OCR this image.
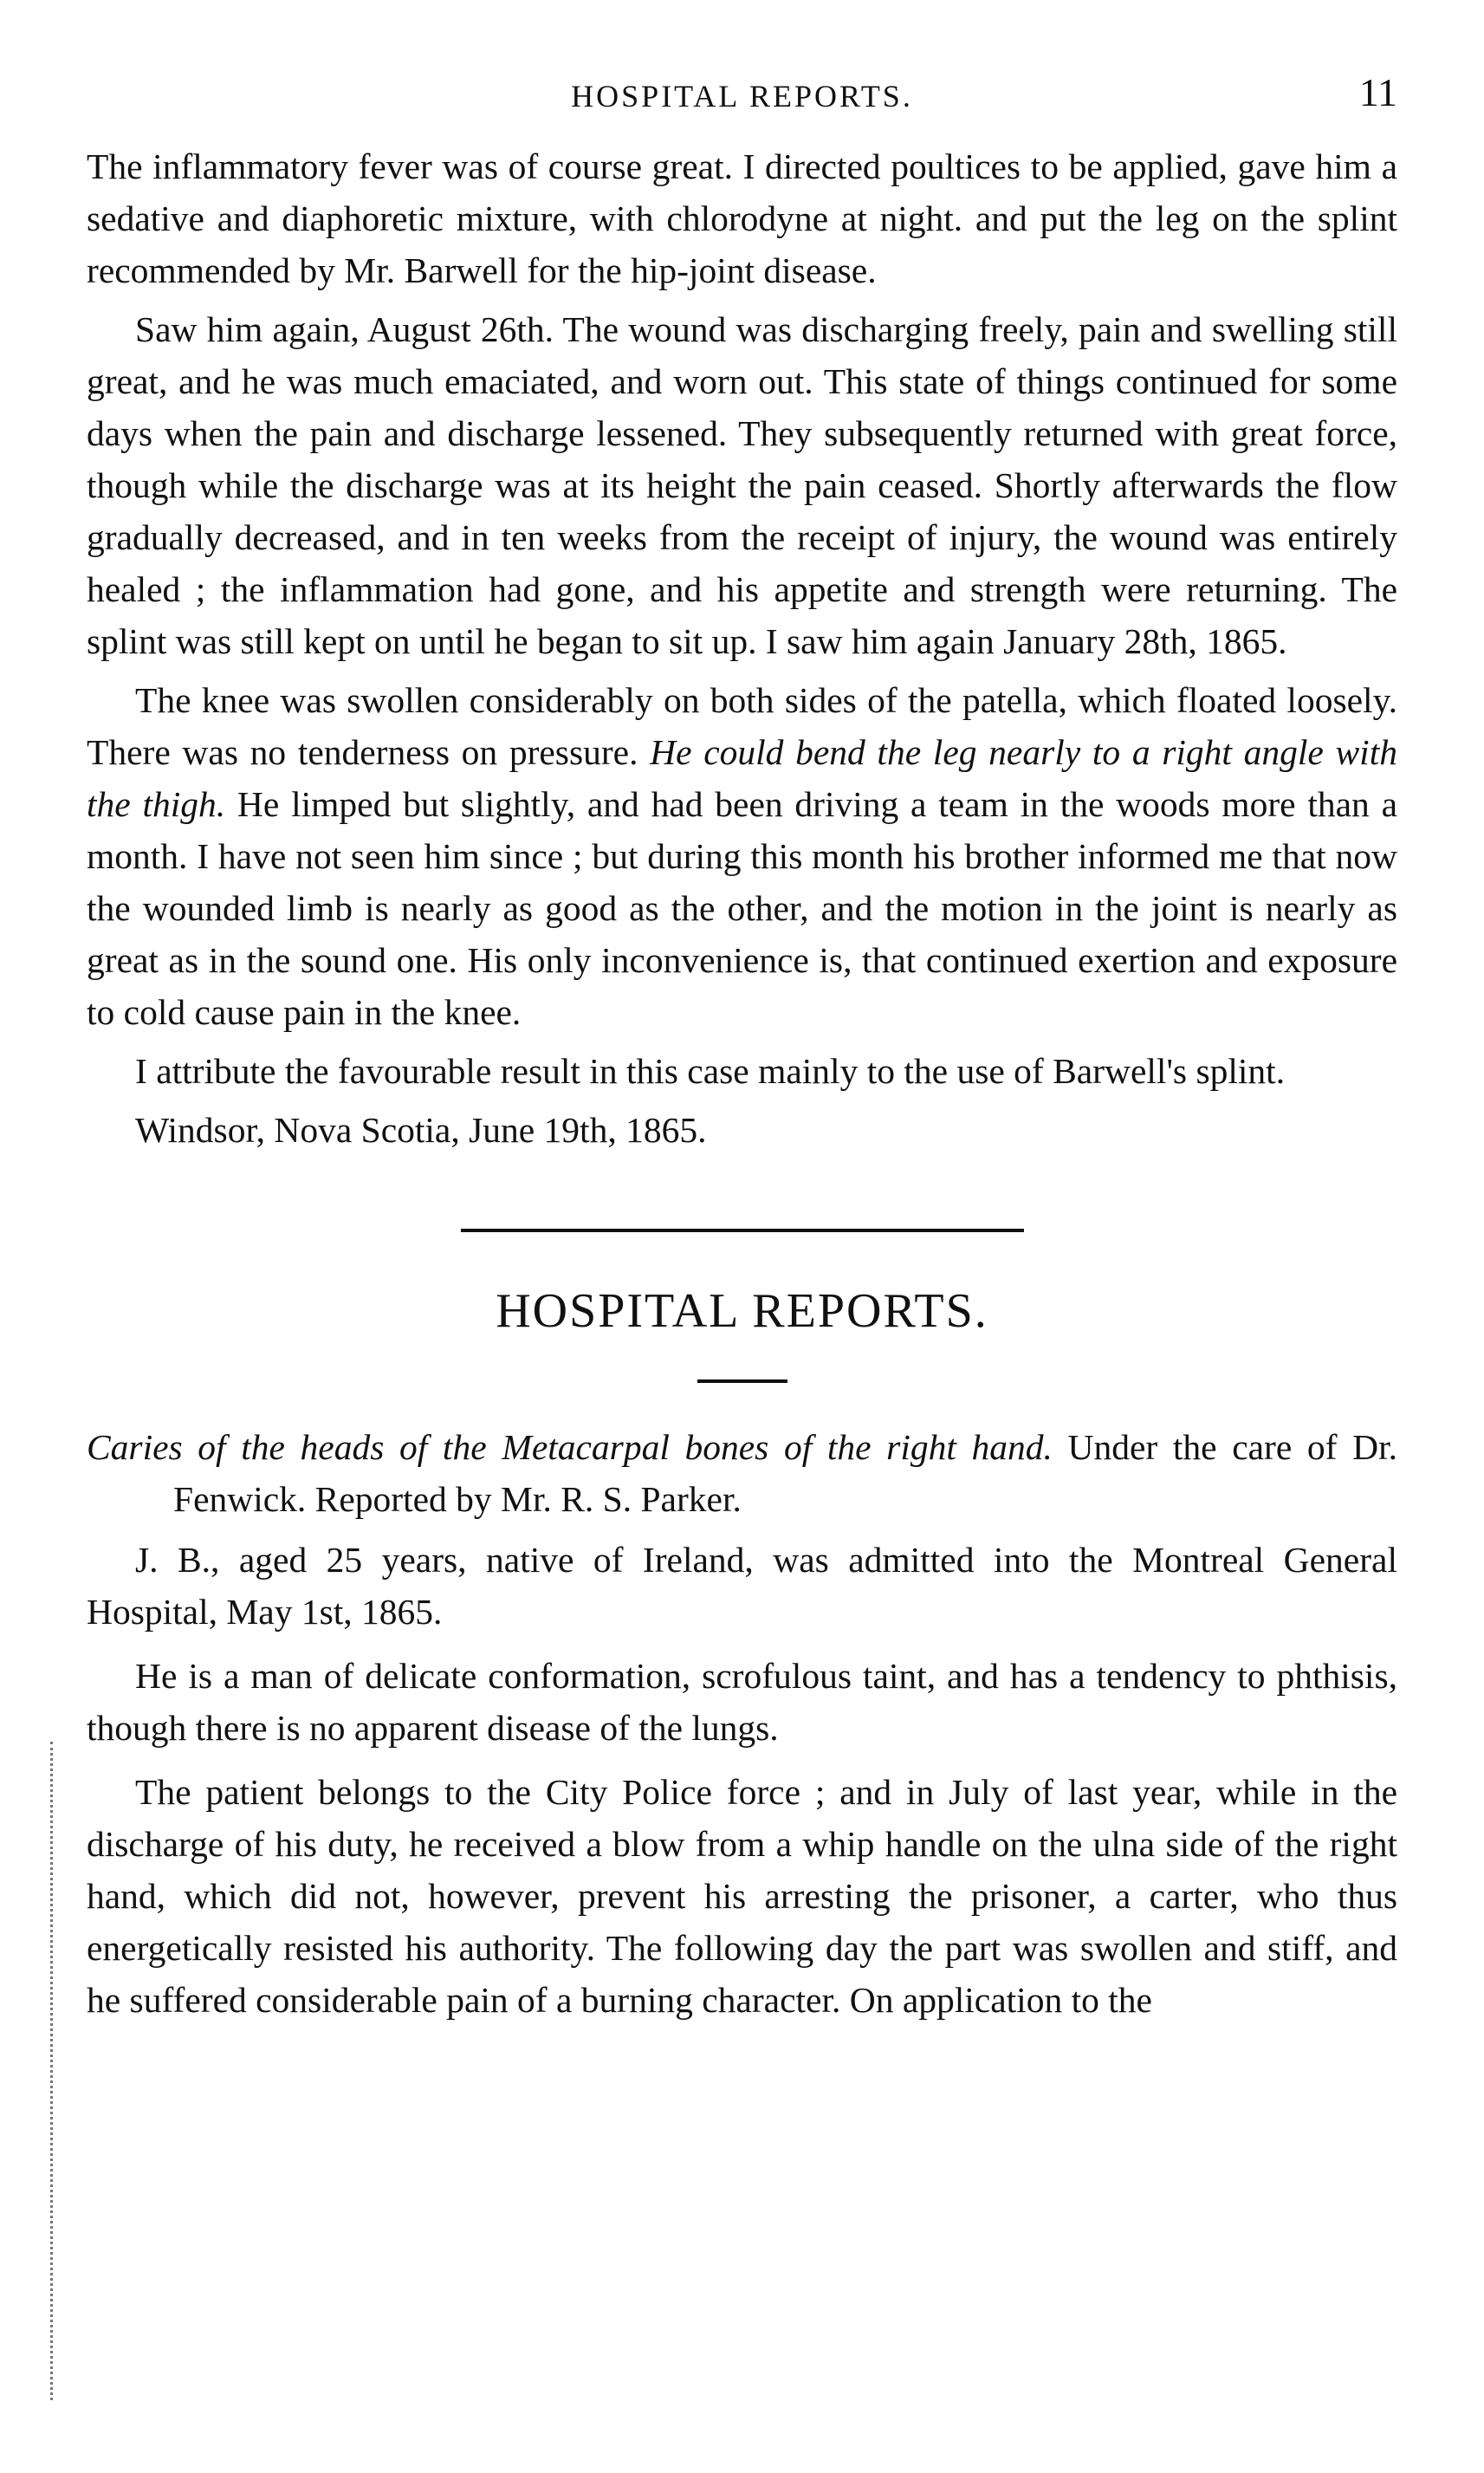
HOSPITAL REPORTS.	11

The inflammatory fever was of course great. I directed poultices to be applied, gave him a sedative and diaphoretic mixture, with chlorodyne at night. and put the leg on the splint recommended by Mr. Barwell for the hip-joint disease.

Saw him again, August 26th. The wound was discharging freely, pain and swelling still great, and he was much emaciated, and worn out. This state of things continued for some days when the pain and discharge lessened. They subsequently returned with great force, though while the discharge was at its height the pain ceased. Shortly afterwards the flow gradually decreased, and in ten weeks from the receipt of injury, the wound was entirely healed ; the inflammation had gone, and his appetite and strength were returning. The splint was still kept on until he began to sit up. I saw him again January 28th, 1865.

The knee was swollen considerably on both sides of the patella, which floated loosely. There was no tenderness on pressure. He could bend the leg nearly to a right angle with the thigh. He limped but slightly, and had been driving a team in the woods more than a month. I have not seen him since ; but during this month his brother informed me that now the wounded limb is nearly as good as the other, and the motion in the joint is nearly as great as in the sound one. His only inconvenience is, that continued exertion and exposure to cold cause pain in the knee.

I attribute the favourable result in this case mainly to the use of Barwell's splint.

Windsor, Nova Scotia, June 19th, 1865.

HOSPITAL REPORTS.
Caries of the heads of the Metacarpal bones of the right hand. Under the care of Dr. Fenwick. Reported by Mr. R. S. Parker.

J. B., aged 25 years, native of Ireland, was admitted into the Montreal General Hospital, May 1st, 1865.

He is a man of delicate conformation, scrofulous taint, and has a tendency to phthisis, though there is no apparent disease of the lungs.

The patient belongs to the City Police force ; and in July of last year, while in the discharge of his duty, he received a blow from a whip handle on the ulna side of the right hand, which did not, however, prevent his arresting the prisoner, a carter, who thus energetically resisted his authority. The following day the part was swollen and stiff, and he suffered considerable pain of a burning character. On application to the
